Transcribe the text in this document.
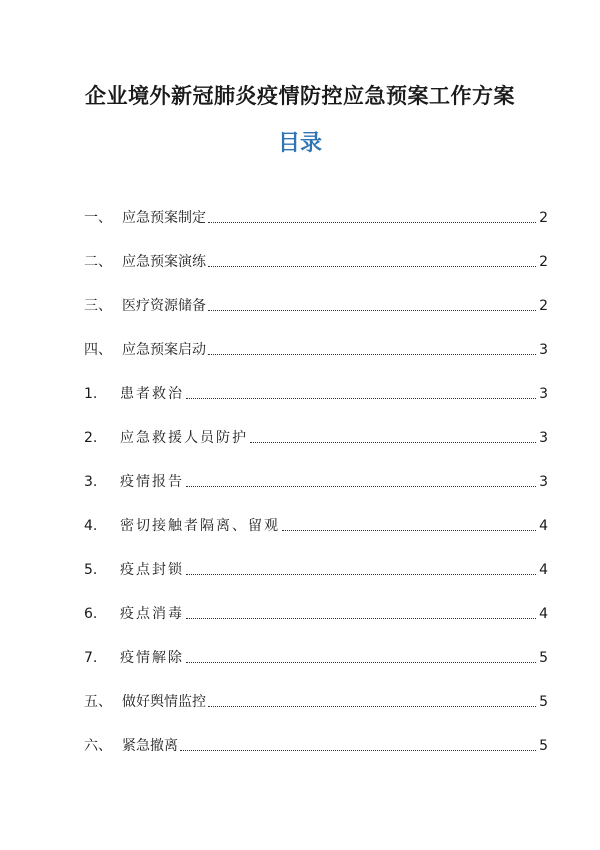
企业境外新冠肺炎疫情防控应急预案工作方案
目录
一、 应急预案制定	2
二、 应急预案演练	2
三、 医疗资源储备	2
四、 应急预案启动	3
1.	患者救治	3
2.	应急救援人员防护	3
3.	疫情报告	3
4.	密切接触者隔离、留观	4
5.	疫点封锁	4
6.	疫点消毒	4
7.	疫情解除	5
五、 做好舆情监控	5
六、 紧急撤离	5
